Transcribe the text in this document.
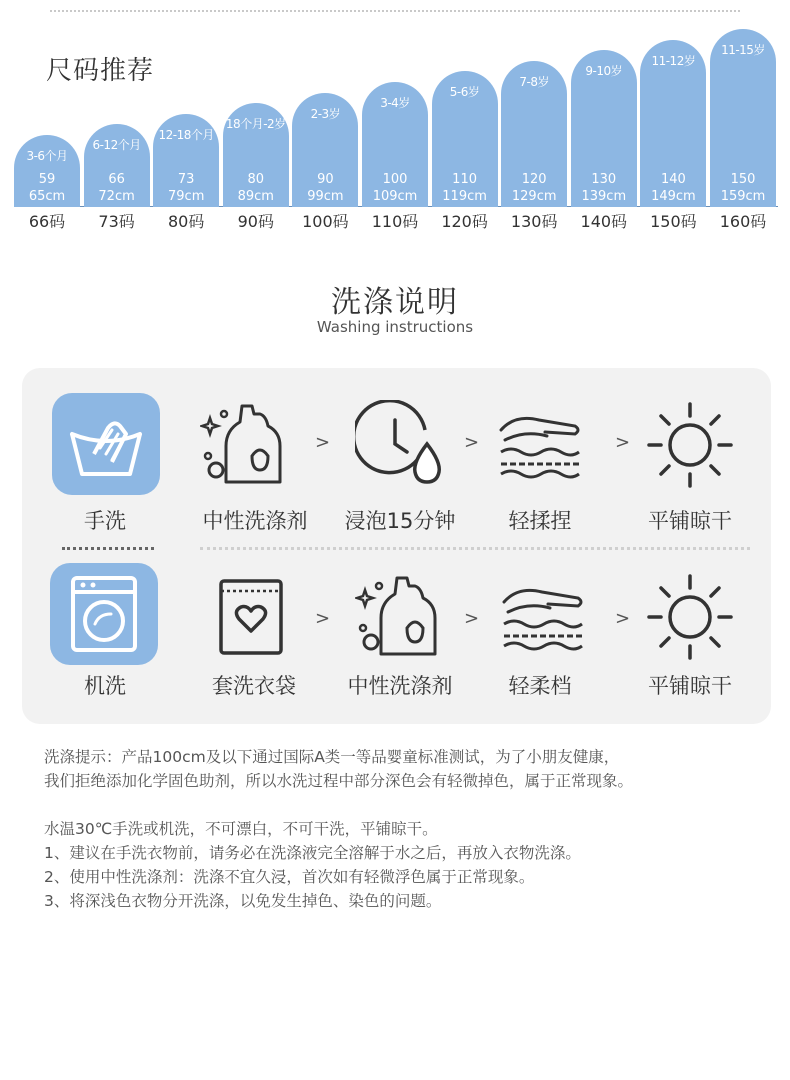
尺码推荐
3-6个月
59
65cm
66码
6-12个月
66
72cm
73码
12-18个月
73
79cm
80码
18个月-2岁
80
89cm
90码
2-3岁
90
99cm
100码
3-4岁
100
109cm
110码
5-6岁
110
119cm
120码
7-8岁
120
129cm
130码
9-10岁
130
139cm
140码
11-12岁
140
149cm
150码
11-15岁
150
159cm
160码
洗涤说明
Washing instructions
手洗	中性洗涤剂
>
浸泡15分钟
>
轻揉捏
>
平铺晾干
机洗	套洗衣袋
>
中性洗涤剂
>
轻柔档
>
平铺晾干

洗涤提示：产品100cm及以下通过国际A类一等品婴童标准测试，为了小朋友健康，

我们拒绝添加化学固色助剂，所以水洗过程中部分深色会有轻微掉色，属于正常现象。

水温30℃手洗或机洗，不可漂白，不可干洗，平铺晾干。

1、建议在手洗衣物前，请务必在洗涤液完全溶解于水之后，再放入衣物洗涤。

2、使用中性洗涤剂：洗涤不宜久浸，首次如有轻微浮色属于正常现象。

3、将深浅色衣物分开洗涤，以免发生掉色、染色的问题。
